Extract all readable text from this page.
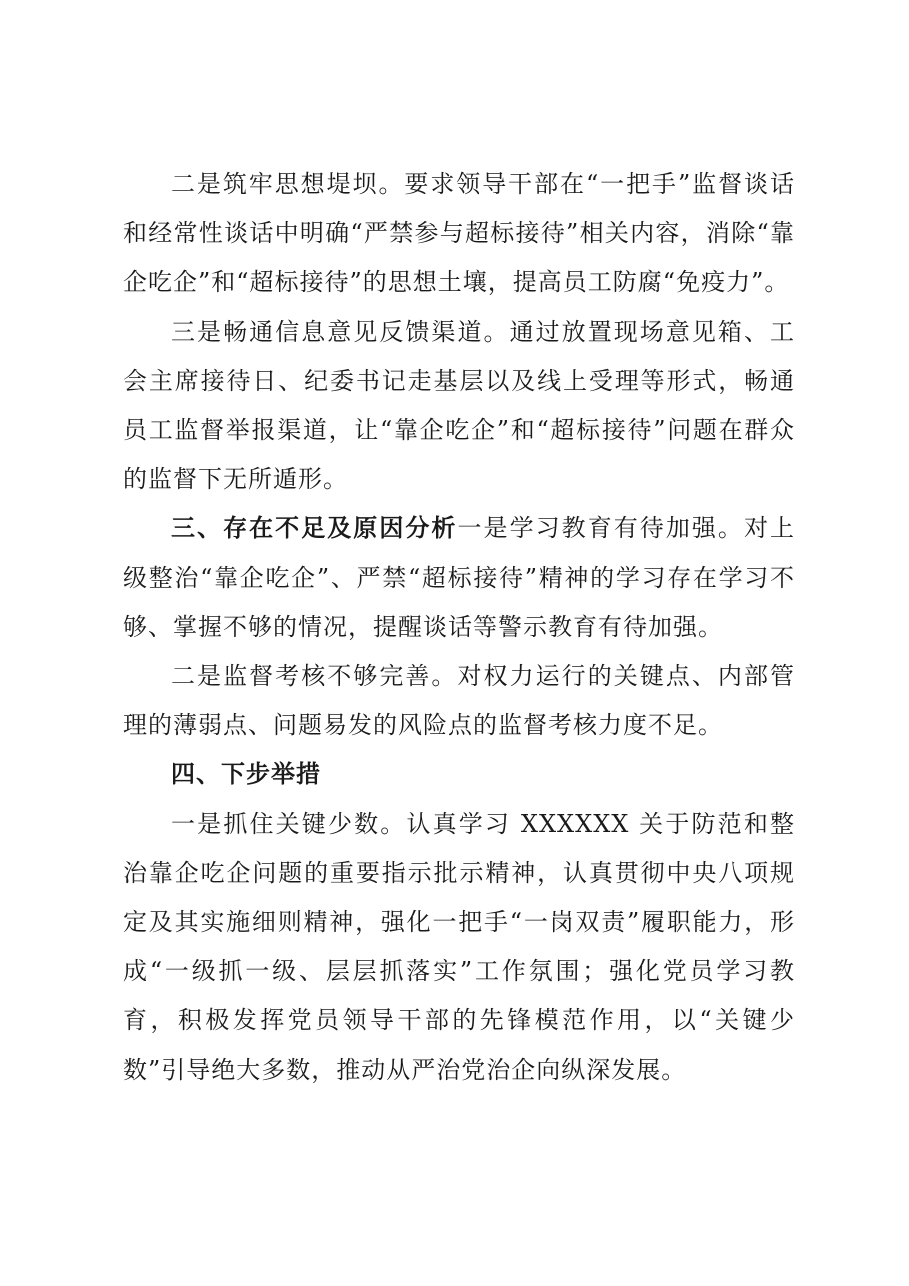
二是筑牢思想堤坝。要求领导干部在“一把手”监督谈话和经常性谈话中明确“严禁参与超标接待”相关内容，消除“靠企吃企”和“超标接待”的思想土壤，提高员工防腐“免疫力”。

三是畅通信息意见反馈渠道。通过放置现场意见箱、工会主席接待日、纪委书记走基层以及线上受理等形式，畅通员工监督举报渠道，让“靠企吃企”和“超标接待”问题在群众的监督下无所遁形。

三、存在不足及原因分析一是学习教育有待加强。对上级整治“靠企吃企”、严禁“超标接待”精神的学习存在学习不够、掌握不够的情况，提醒谈话等警示教育有待加强。

二是监督考核不够完善。对权力运行的关键点、内部管理的薄弱点、问题易发的风险点的监督考核力度不足。

四、下步举措

一是抓住关键少数。认真学习 XXXXXX 关于防范和整治靠企吃企问题的重要指示批示精神，认真贯彻中央八项规定及其实施细则精神，强化一把手“一岗双责”履职能力，形成“一级抓一级、层层抓落实”工作氛围；强化党员学习教育，积极发挥党员领导干部的先锋模范作用，以“关键少数”引导绝大多数，推动从严治党治企向纵深发展。
